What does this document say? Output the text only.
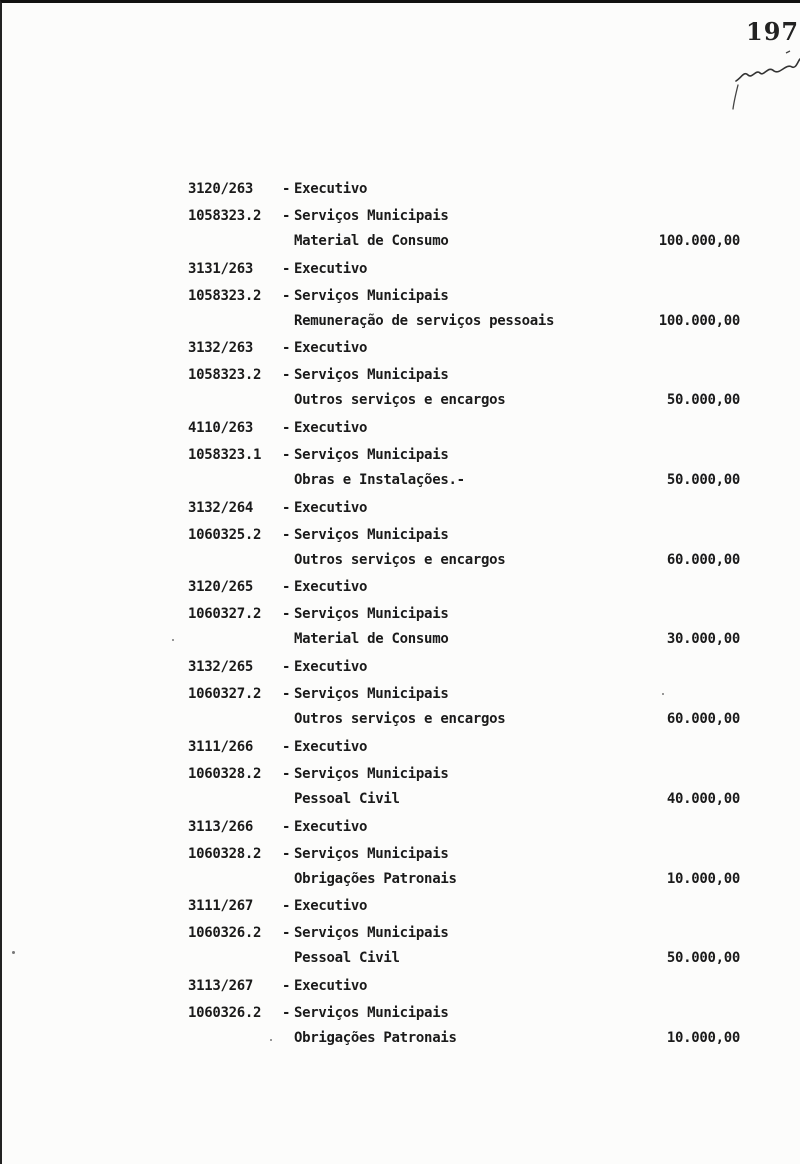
197
3120/263	- Executivo
1058323.2	- Serviços Municipais
Material de Consumo	100.000,00
3131/263	- Executivo
1058323.2	- Serviços Municipais
Remuneração de serviços pessoais	100.000,00
3132/263	- Executivo
1058323.2	- Serviços Municipais
Outros serviços e encargos	50.000,00
4110/263	- Executivo
1058323.1	- Serviços Municipais
Obras e Instalações.-	50.000,00
3132/264	- Executivo
1060325.2	- Serviços Municipais
Outros serviços e encargos	60.000,00
3120/265	- Executivo
1060327.2	- Serviços Municipais
Material de Consumo	30.000,00
3132/265	- Executivo
1060327.2	- Serviços Municipais
Outros serviços e encargos	60.000,00
3111/266	- Executivo
1060328.2	- Serviços Municipais
Pessoal Civil	40.000,00
3113/266	- Executivo
1060328.2	- Serviços Municipais
Obrigações Patronais	10.000,00
3111/267	- Executivo
1060326.2	- Serviços Municipais
Pessoal Civil	50.000,00
3113/267	- Executivo
1060326.2	- Serviços Municipais
Obrigações Patronais	10.000,00
